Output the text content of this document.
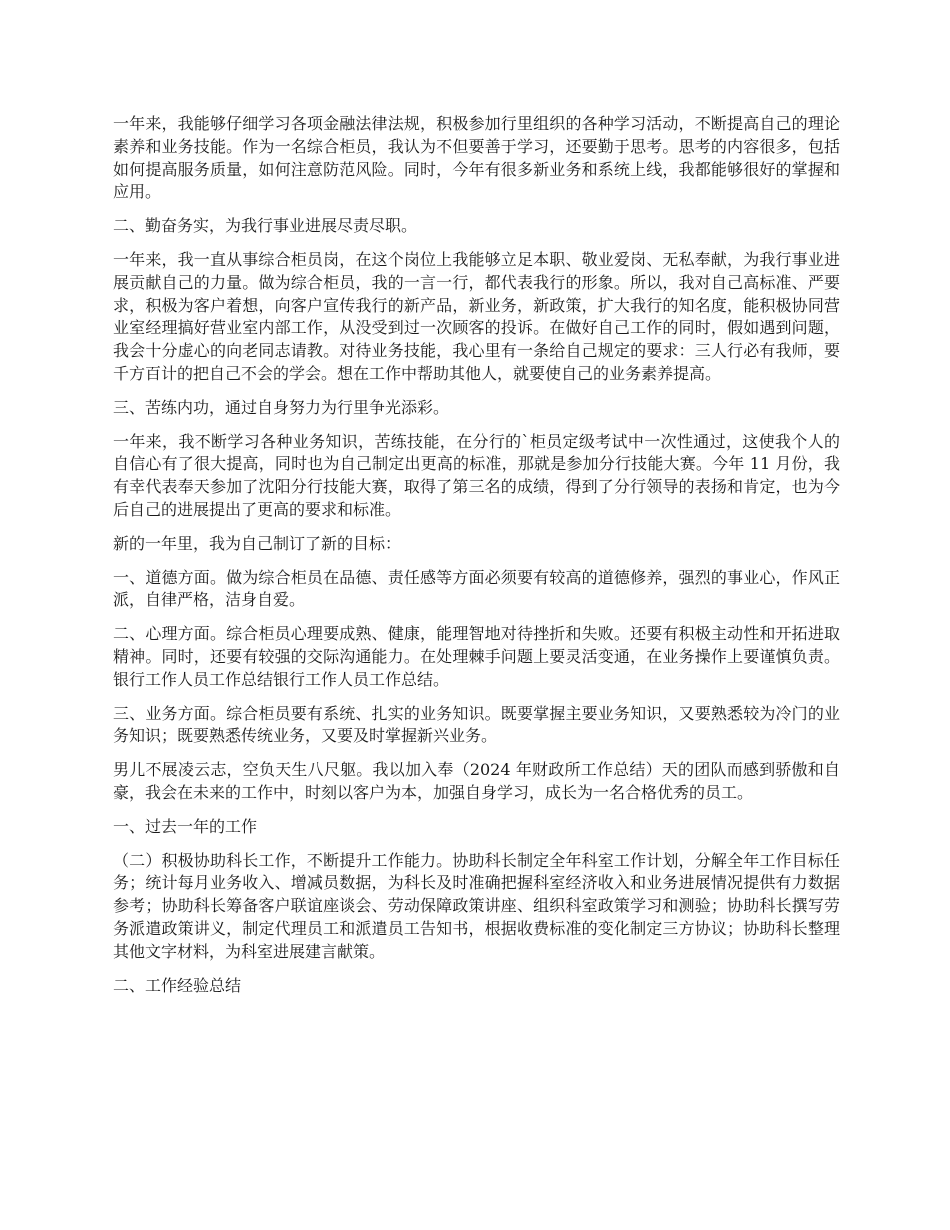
一年来，我能够仔细学习各项金融法律法规，积极参加行里组织的各种学习活动，不断提高自己的理论素养和业务技能。作为一名综合柜员，我认为不但要善于学习，还要勤于思考。思考的内容很多，包括如何提高服务质量，如何注意防范风险。同时，今年有很多新业务和系统上线，我都能够很好的掌握和应用。

二、勤奋务实，为我行事业进展尽责尽职。

一年来，我一直从事综合柜员岗，在这个岗位上我能够立足本职、敬业爱岗、无私奉献，为我行事业进展贡献自己的力量。做为综合柜员，我的一言一行，都代表我行的形象。所以，我对自己高标准、严要求，积极为客户着想，向客户宣传我行的新产品，新业务，新政策，扩大我行的知名度，能积极协同营业室经理搞好营业室内部工作，从没受到过一次顾客的投诉。在做好自己工作的同时，假如遇到问题，我会十分虚心的向老同志请教。对待业务技能，我心里有一条给自己规定的要求：三人行必有我师，要千方百计的把自己不会的学会。想在工作中帮助其他人，就要使自己的业务素养提高。

三、苦练内功，通过自身努力为行里争光添彩。

一年来，我不断学习各种业务知识，苦练技能，在分行的`柜员定级考试中一次性通过，这使我个人的自信心有了很大提高，同时也为自己制定出更高的标准，那就是参加分行技能大赛。今年 11 月份，我有幸代表奉天参加了沈阳分行技能大赛，取得了第三名的成绩，得到了分行领导的表扬和肯定，也为今后自己的进展提出了更高的要求和标准。

新的一年里，我为自己制订了新的目标：

一、道德方面。做为综合柜员在品德、责任感等方面必须要有较高的道德修养，强烈的事业心，作风正派，自律严格，洁身自爱。

二、心理方面。综合柜员心理要成熟、健康，能理智地对待挫折和失败。还要有积极主动性和开拓进取精神。同时，还要有较强的交际沟通能力。在处理棘手问题上要灵活变通，在业务操作上要谨慎负责。银行工作人员工作总结银行工作人员工作总结。

三、业务方面。综合柜员要有系统、扎实的业务知识。既要掌握主要业务知识，又要熟悉较为冷门的业务知识；既要熟悉传统业务，又要及时掌握新兴业务。

男儿不展凌云志，空负天生八尺躯。我以加入奉（2024 年财政所工作总结）天的团队而感到骄傲和自豪，我会在未来的工作中，时刻以客户为本，加强自身学习，成长为一名合格优秀的员工。

一、过去一年的工作

（二）积极协助科长工作，不断提升工作能力。协助科长制定全年科室工作计划，分解全年工作目标任务；统计每月业务收入、增减员数据，为科长及时准确把握科室经济收入和业务进展情况提供有力数据参考；协助科长筹备客户联谊座谈会、劳动保障政策讲座、组织科室政策学习和测验；协助科长撰写劳务派遣政策讲义，制定代理员工和派遣员工告知书，根据收费标准的变化制定三方协议；协助科长整理其他文字材料，为科室进展建言献策。

二、工作经验总结
